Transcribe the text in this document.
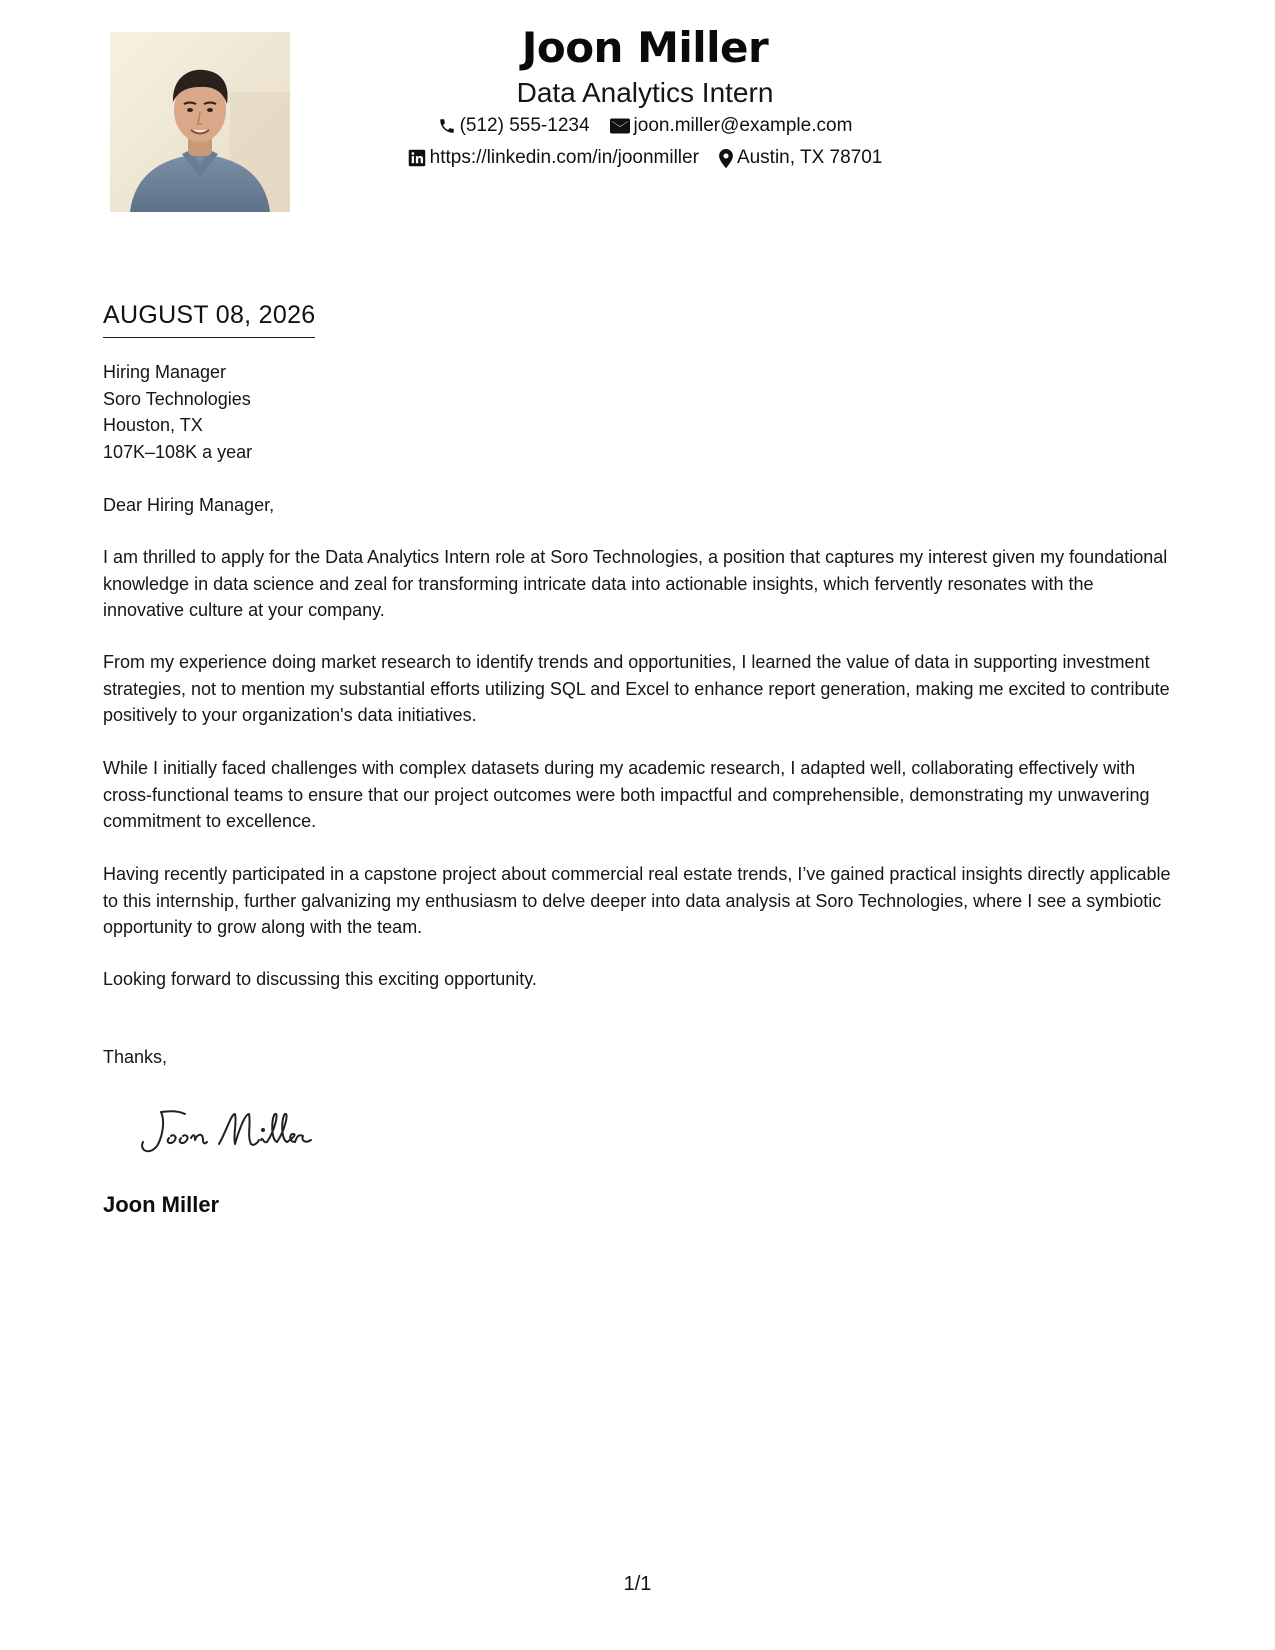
Joon Miller
Data Analytics Intern
(512) 555-1234 joon.miller@example.com
https://linkedin.com/in/joonmiller Austin, TX 78701
AUGUST 08, 2026
Hiring Manager
Soro Technologies
Houston, TX
107K–108K a year
Dear Hiring Manager,

I am thrilled to apply for the Data Analytics Intern role at Soro Technologies, a position that captures my interest given my foundational knowledge in data science and zeal for transforming intricate data into actionable insights, which fervently resonates with the innovative culture at your company.

From my experience doing market research to identify trends and opportunities, I learned the value of data in supporting investment strategies, not to mention my substantial efforts utilizing SQL and Excel to enhance report generation, making me excited to contribute positively to your organization's data initiatives.

While I initially faced challenges with complex datasets during my academic research, I adapted well, collaborating effectively with cross-functional teams to ensure that our project outcomes were both impactful and comprehensible, demonstrating my unwavering commitment to excellence.

Having recently participated in a capstone project about commercial real estate trends, I’ve gained practical insights directly applicable to this internship, further galvanizing my enthusiasm to delve deeper into data analysis at Soro Technologies, where I see a symbiotic opportunity to grow along with the team.

Looking forward to discussing this exciting opportunity.

Thanks,
Joon Miller
1/1
